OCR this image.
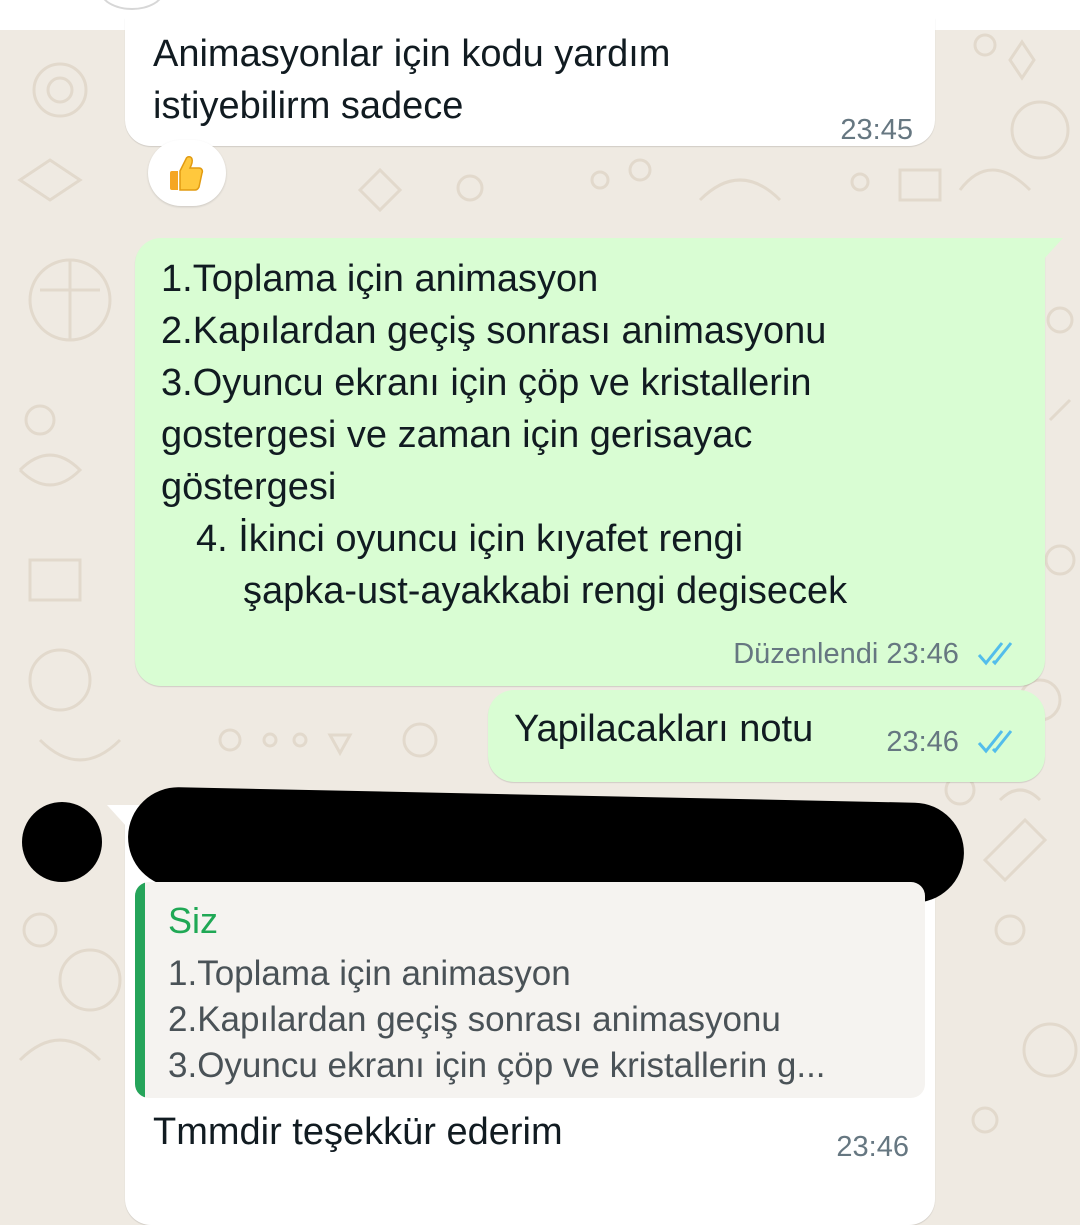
Animasyonlar için kodu yardım
istiyebilirm sadece
23:45
1.Toplama için animasyon
2.Kapılardan geçiş sonrası animasyonu
3.Oyuncu ekranı için çöp ve kristallerin
gostergesi ve zaman için gerisayac
göstergesi
4. İkinci oyuncu için kıyafet rengi
şapka-ust-ayakkabi rengi degisecek
Düzenlendi 23:46
Yapilacakları notu	23:46
Tmmdir teşekkür ederim	23:46
Siz
1.Toplama için animasyon
2.Kapılardan geçiş sonrası animasyonu
3.Oyuncu ekranı için çöp ve kristallerin g...
